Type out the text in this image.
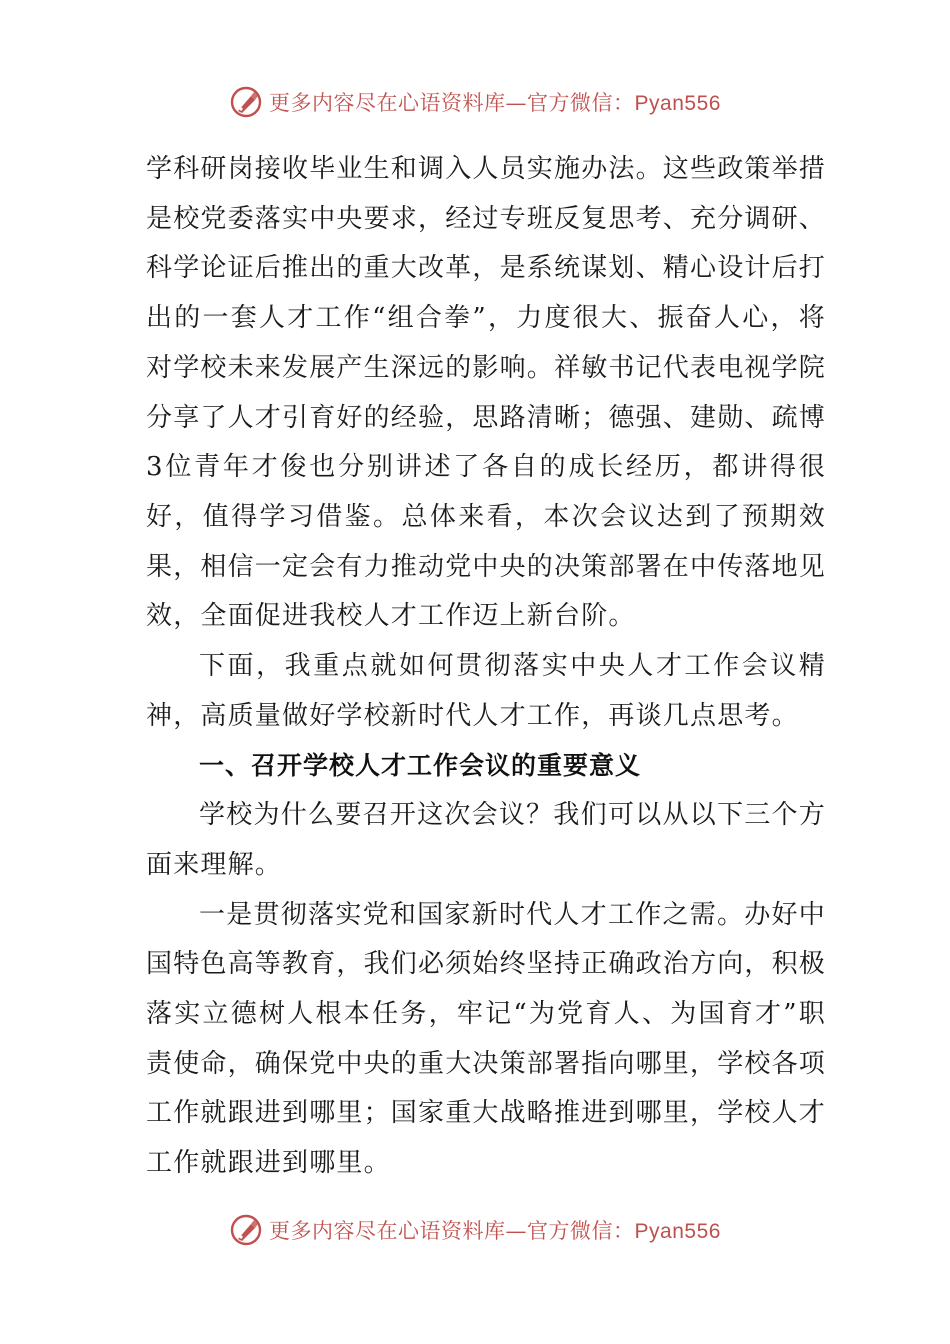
更多内容尽在心语资料库—官方微信：Pyan556

学科研岗接收毕业生和调入人员实施办法。这些政策举措是校党委落实中央要求，经过专班反复思考、充分调研、科学论证后推出的重大改革，是系统谋划、精心设计后打出的一套人才工作“组合拳”，力度很大、振奋人心，将对学校未来发展产生深远的影响。祥敏书记代表电视学院分享了人才引育好的经验，思路清晰；德强、建勋、疏博3位青年才俊也分别讲述了各自的成长经历，都讲得很好，值得学习借鉴。总体来看，本次会议达到了预期效果，相信一定会有力推动党中央的决策部署在中传落地见效，全面促进我校人才工作迈上新台阶。

下面，我重点就如何贯彻落实中央人才工作会议精神，高质量做好学校新时代人才工作，再谈几点思考。

一、召开学校人才工作会议的重要意义

学校为什么要召开这次会议？我们可以从以下三个方面来理解。

一是贯彻落实党和国家新时代人才工作之需。办好中国特色高等教育，我们必须始终坚持正确政治方向，积极落实立德树人根本任务，牢记“为党育人、为国育才”职责使命，确保党中央的重大决策部署指向哪里，学校各项工作就跟进到哪里；国家重大战略推进到哪里，学校人才工作就跟进到哪里。

更多内容尽在心语资料库—官方微信：Pyan556
